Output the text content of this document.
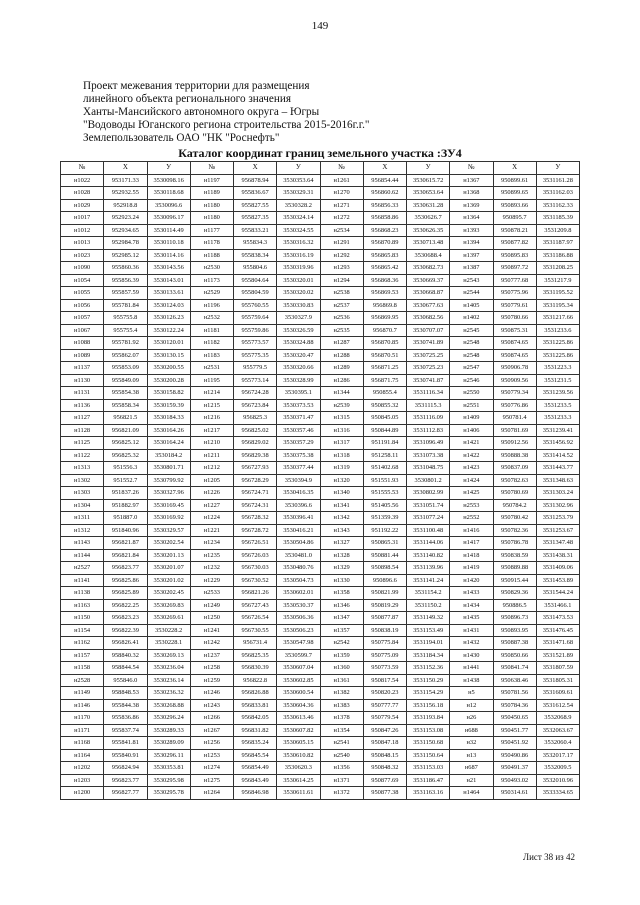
149
Проект межевания территории для размещения
линейного объекта регионального значения
Ханты-Мансийского автономного округа – Югры
"Водоводы Юганского региона строительства 2015-2016г.г."
Землепользователь ОАО "НК "Роснефть"
Каталог координат границ земельного участка :ЗУ4
№	X	У	№	X	У	№	X	У	№	X	У
н1022	953171.33	3530098.16	н1197	956878.94	3530353.64	н1261	956854.44	3530615.72	н1367	950899.61	3531161.28
н1028	952932.55	3530118.68	н1189	955836.67	3530329.31	н1270	956860.62	3530653.64	н1368	950899.65	3531162.03
н1029	952918.8	3530096.6	н1180	955827.55	3530328.2	н1271	956856.33	3530631.28	н1369	950893.66	3531162.33
н1017	952923.24	3530096.17	н1180	955827.35	3530324.14	н1272	956858.86	3530626.7	н1364	950895.7	3531185.39
н1012	952934.65	3530114.49	н1177	955833.21	3530324.55	н2534	956868.23	3530626.35	н1393	950878.21	3531209.8
н1013	952984.78	3530110.18	н1178	955834.3	3530316.32	н1291	956870.89	3530713.48	н1394	950877.82	3531187.97
н1023	952985.12	3530114.16	н1188	955838.34	3530316.19	н1292	956865.83	3530688.4	н1397	950895.83	3531186.88
н1090	955860.36	3530143.56	н2530	955804.6	3530319.96	н1293	956865.42	3530682.73	н1387	950897.72	3531208.25
н1054	955856.39	3530143.01	н1173	955804.64	3530320.01	н1294	956868.36	3530669.37	н2543	950777.68	3531217.9
н1055	955857.59	3530133.61	н2529	955804.59	3530320.02	н2538	956869.53	3530668.87	н2544	950775.96	3531195.52
н1056	955781.84	3530124.03	н1196	955760.55	3530330.83	н2537	956869.8	3530677.63	н1405	950779.61	3531195.34
н1057	955755.8	3530126.23	н2532	955759.64	3530327.9	н2536	956869.95	3530682.56	н1402	950780.66	3531217.66
н1067	955755.4	3530122.24	н1181	955759.86	3530326.59	н2535	956870.7	3530707.07	н2545	950875.31	3531233.6
н1088	955781.92	3530120.01	н1182	955773.57	3530324.88	н1287	956870.85	3530741.89	н2548	950874.65	3531225.86
н1089	955862.07	3530130.15	н1183	955775.35	3530320.47	н1288	956870.51	3530725.25	н2548	950874.65	3531225.86
н1137	955853.09	3530200.55	н2531	955779.5	3530320.66	н1289	956871.25	3530725.23	н2547	950906.78	3531223.3
н1130	955849.09	3530200.28	н1195	955773.14	3530328.99	н1286	956871.75	3530741.87	н2546	950909.56	3531231.5
н1131	955854.38	3530158.82	н1214	956724.28	3530395.1	н1344	950855.4	3531116.34	н2550	950779.34	3531239.56
н1136	955858.34	3530159.39	н1215	956723.84	3530373.53	н2539	950855.32	3531115.3	н2551	950776.86	3531233.5
н1127	956821.5	3530184.33	н1216	956825.3	3530371.47	н1315	950845.05	3531116.09	н1409	950781.4	3531233.3
н1128	956821.09	3530164.26	н1217	956825.02	3530357.46	н1316	950844.89	3531112.83	н1406	950781.69	3531239.41
н1125	956825.12	3530164.24	н1210	956829.02	3530357.29	н1317	951191.84	3531096.49	н1421	950912.56	3531456.92
н1122	956825.32	3530184.2	н1211	956829.38	3530375.38	н1318	951258.11	3531073.38	н1422	950888.38	3531414.52
н1313	951556.3	3530801.71	н1212	956727.93	3530377.44	н1319	951402.68	3531048.75	н1423	950837.09	3531443.77
н1302	951552.7	3530799.92	н1205	956728.29	3530394.9	н1320	951551.93	3530801.2	н1424	950782.63	3531348.63
н1303	951837.26	3530327.96	н1226	956724.71	3530416.35	н1340	951555.53	3530802.99	н1425	950780.69	3531303.24
н1304	951882.97	3530169.45	н1227	956724.31	3530396.6	н1341	951405.56	3531051.74	н2553	950784.2	3531302.96
н1311	951887.0	3530169.92	н1224	956728.32	3530396.41	н1342	951359.39	3531077.24	н2552	950780.42	3531253.79
н1312	951840.96	3530329.57	н1221	956728.72	3530416.21	н1343	951192.22	3531100.48	н1416	950782.36	3531253.67
н1143	956821.87	3530202.54	н1234	956726.51	3530504.86	н1327	950865.31	3531144.06	н1417	950786.78	3531347.48
н1144	956821.84	3530201.13	н1235	956726.03	3530481.0	н1328	950881.44	3531140.82	н1418	950838.59	3531438.31
н2527	956823.77	3530201.07	н1232	956730.03	3530480.76	н1329	950898.54	3531139.96	н1419	950889.88	3531409.06
н1141	956825.86	3530201.02	н1229	956730.52	3530504.73	н1330	950896.6	3531141.24	н1420	950915.44	3531453.89
н1138	956825.89	3530202.45	н2533	956821.26	3530602.01	н1358	950821.99	3531154.2	н1433	950829.36	3531544.24
н1163	956822.25	3530269.83	н1249	956727.43	3530530.37	н1346	950819.29	3531150.2	н1434	950886.5	3531466.1
н1150	956823.23	3530269.61	н1250	956726.54	3530506.36	н1347	950877.87	3531149.32	н1435	950896.73	3531473.53
н1154	956822.39	3530228.2	н1241	956730.55	3530506.23	н1357	950838.19	3531153.49	н1431	950893.95	3531476.45
н1162	956826.41	3530228.1	н1242	956731.4	3530547.98	н2542	950775.84	3531194.01	н1432	950887.38	3531471.68
н1157	958840.32	3530269.13	н1237	956825.35	3530599.7	н1359	950775.09	3531184.34	н1430	950850.66	3531521.89
н1158	958844.54	3530236.04	н1258	956830.39	3530607.04	н1360	950773.59	3531152.36	н1441	950841.74	3531807.59
н2528	955846.0	3530236.14	н1259	956822.8	3530602.85	н1361	950817.54	3531150.29	н1438	950638.46	3531805.31
н1149	958848.53	3530236.32	н1246	956826.88	3530600.54	н1382	950820.23	3531154.29	н5	950781.56	3531609.61
н1146	955844.38	3530268.88	н1243	956833.81	3530604.36	н1383	950777.77	3531156.18	н12	950784.36	3531612.54
н1170	955836.86	3530296.24	н1266	956842.05	3530613.46	н1378	950779.54	3531193.84	н26	950450.65	3532068.9
н1171	955837.74	3530289.33	н1267	956831.82	3530607.82	н1354	950847.26	3531153.08	н688	950451.77	3532063.67
н1168	955841.81	3530289.09	н1256	956835.24	3530605.15	н2541	950847.18	3531150.68	н32	950451.92	3532060.4
н1164	955840.91	3530296.11	н1253	956845.54	3530610.82	н2540	950848.15	3531150.64	н13	950490.86	3532017.17
н1202	956824.94	3530353.81	н1274	956854.49	3530620.3	н1356	950848.32	3531153.03	н687	950491.37	3532009.5
н1203	956823.77	3530295.98	н1275	956843.49	3530614.25	н1371	950877.69	3531186.47	н21	950493.02	3532010.96
н1200	956827.77	3530295.78	н1264	956846.98	3530611.61	н1372	950877.38	3531163.16	н1464	950314.61	3533334.65
Лист 38 из 42
